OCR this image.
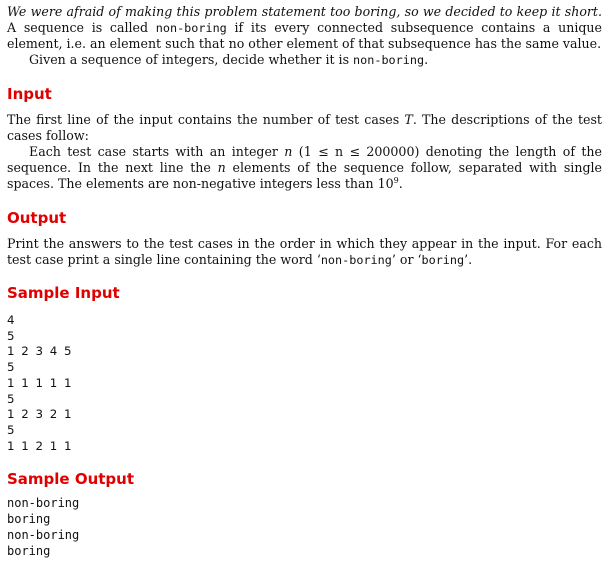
We were afraid of making this problem statement too boring, so we decided to keep it short. A sequence is called non-boring if its every connected subsequence contains a unique element, i.e. an element such that no other element of that subsequence has the same value.

Given a sequence of integers, decide whether it is non-boring.

Input

The first line of the input contains the number of test cases T. The descriptions of the test cases follow:

Each test case starts with an integer n (1 ≤ n ≤ 200000) denoting the length of the sequence. In the next line the n elements of the sequence follow, separated with single spaces. The elements are non-negative integers less than $10^9$.

Output

Print the answers to the test cases in the order in which they appear in the input. For each test case print a single line containing the word ‘non-boring’ or ‘boring’.

Sample Input
4
5
1 2 3 4 5
5
1 1 1 1 1
5
1 2 3 2 1
5
1 1 2 1 1
Sample Output
non-boring
boring
non-boring
boring
